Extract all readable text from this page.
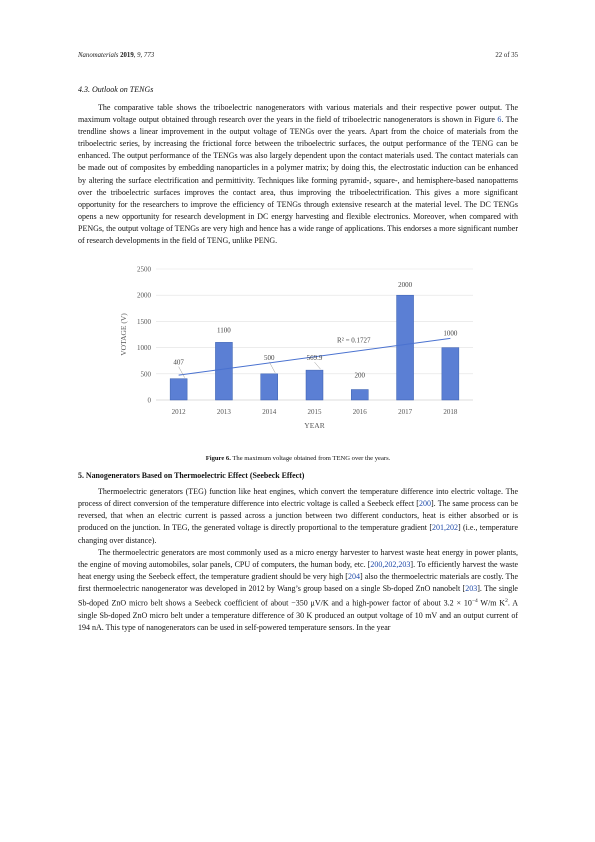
Nanomaterials 2019, 9, 773	22 of 35
4.3. Outlook on TENGs

The comparative table shows the triboelectric nanogenerators with various materials and their respective power output. The maximum voltage output obtained through research over the years in the field of triboelectric nanogenerators is shown in Figure 6. The trendline shows a linear improvement in the output voltage of TENGs over the years. Apart from the choice of materials from the triboelectric series, by increasing the frictional force between the triboelectric surfaces, the output performance of the TENG can be enhanced. The output performance of the TENGs was also largely dependent upon the contact materials used. The contact materials can be made out of composites by embedding nanoparticles in a polymer matrix; by doing this, the electrostatic induction can be enhanced by altering the surface electrification and permittivity. Techniques like forming pyramid-, square-, and hemisphere-based nanopatterns over the triboelectric surfaces improves the contact area, thus improving the triboelectrification. This gives a more significant opportunity for the researchers to improve the efficiency of TENGs through extensive research at the material level. The DC TENGs opens a new opportunity for research development in DC energy harvesting and flexible electronics. Moreover, when compared with PENGs, the output voltage of TENGs are very high and hence has a wide range of applications. This endorses a more significant number of research developments in the field of TENG, unlike PENG.

0
500
1000
1500
2000
2500
2012	2013	2014	2015	2016	2017	2018
R² = 0.1727
407
1100
500	569.9
200
2000
1000
YEAR
VOTAGE (V)
Figure 6. The maximum voltage obtained from TENG over the years.
5. Nanogenerators Based on Thermoelectric Effect (Seebeck Effect)

Thermoelectric generators (TEG) function like heat engines, which convert the temperature difference into electric voltage. The process of direct conversion of the temperature difference into electric voltage is called a Seebeck effect [200]. The same process can be reversed, that when an electric current is passed across a junction between two different conductors, heat is either absorbed or is produced on the junction. In TEG, the generated voltage is directly proportional to the temperature gradient [201,202] (i.e., temperature changing over distance).

The thermoelectric generators are most commonly used as a micro energy harvester to harvest waste heat energy in power plants, the engine of moving automobiles, solar panels, CPU of computers, the human body, etc. [200,202,203]. To efficiently harvest the waste heat energy using the Seebeck effect, the temperature gradient should be very high [204] also the thermoelectric materials are costly. The first thermoelectric nanogenerator was developed in 2012 by Wang’s group based on a single Sb-doped ZnO nanobelt [203]. The single Sb-doped ZnO micro belt shows a Seebeck coefficient of about −350 μV/K and a high-power factor of about $3.2 \times 10^{-4}$ W/m $K^2$. A single Sb-doped ZnO micro belt under a temperature difference of 30 K produced an output voltage of 10 mV and an output current of 194 nA. This type of nanogenerators can be used in self-powered temperature sensors. In the year
